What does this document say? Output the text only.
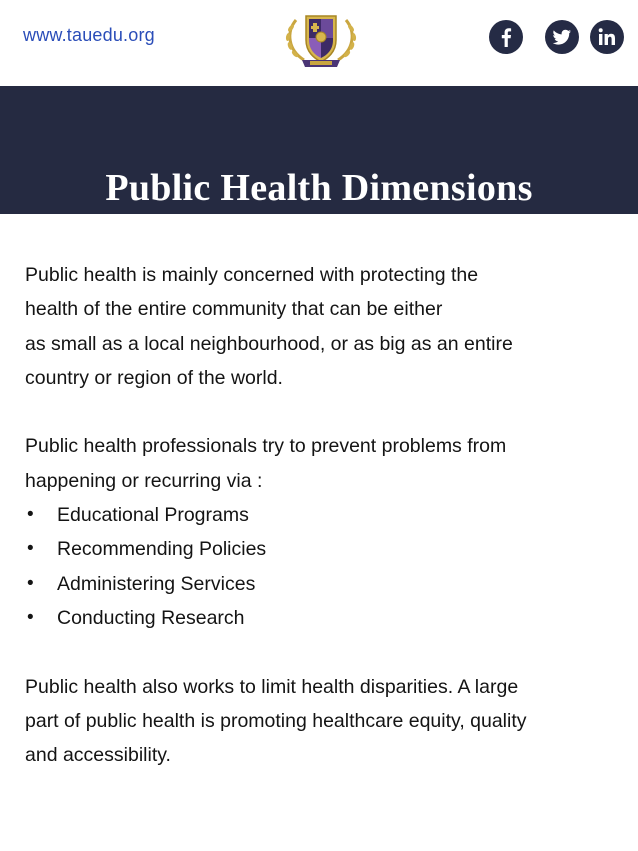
www.tauedu.org
Public Health Dimensions

Public health is mainly concerned with protecting the
health of the entire community that can be either
as small as a local neighbourhood, or as big as an entire
country or region of the world.

Public health professionals try to prevent problems from
happening or recurring via :

• Educational Programs
• Recommending Policies
• Administering Services
• Conducting Research

Public health also works to limit health disparities. A large
part of public health is promoting healthcare equity, quality
and accessibility.
